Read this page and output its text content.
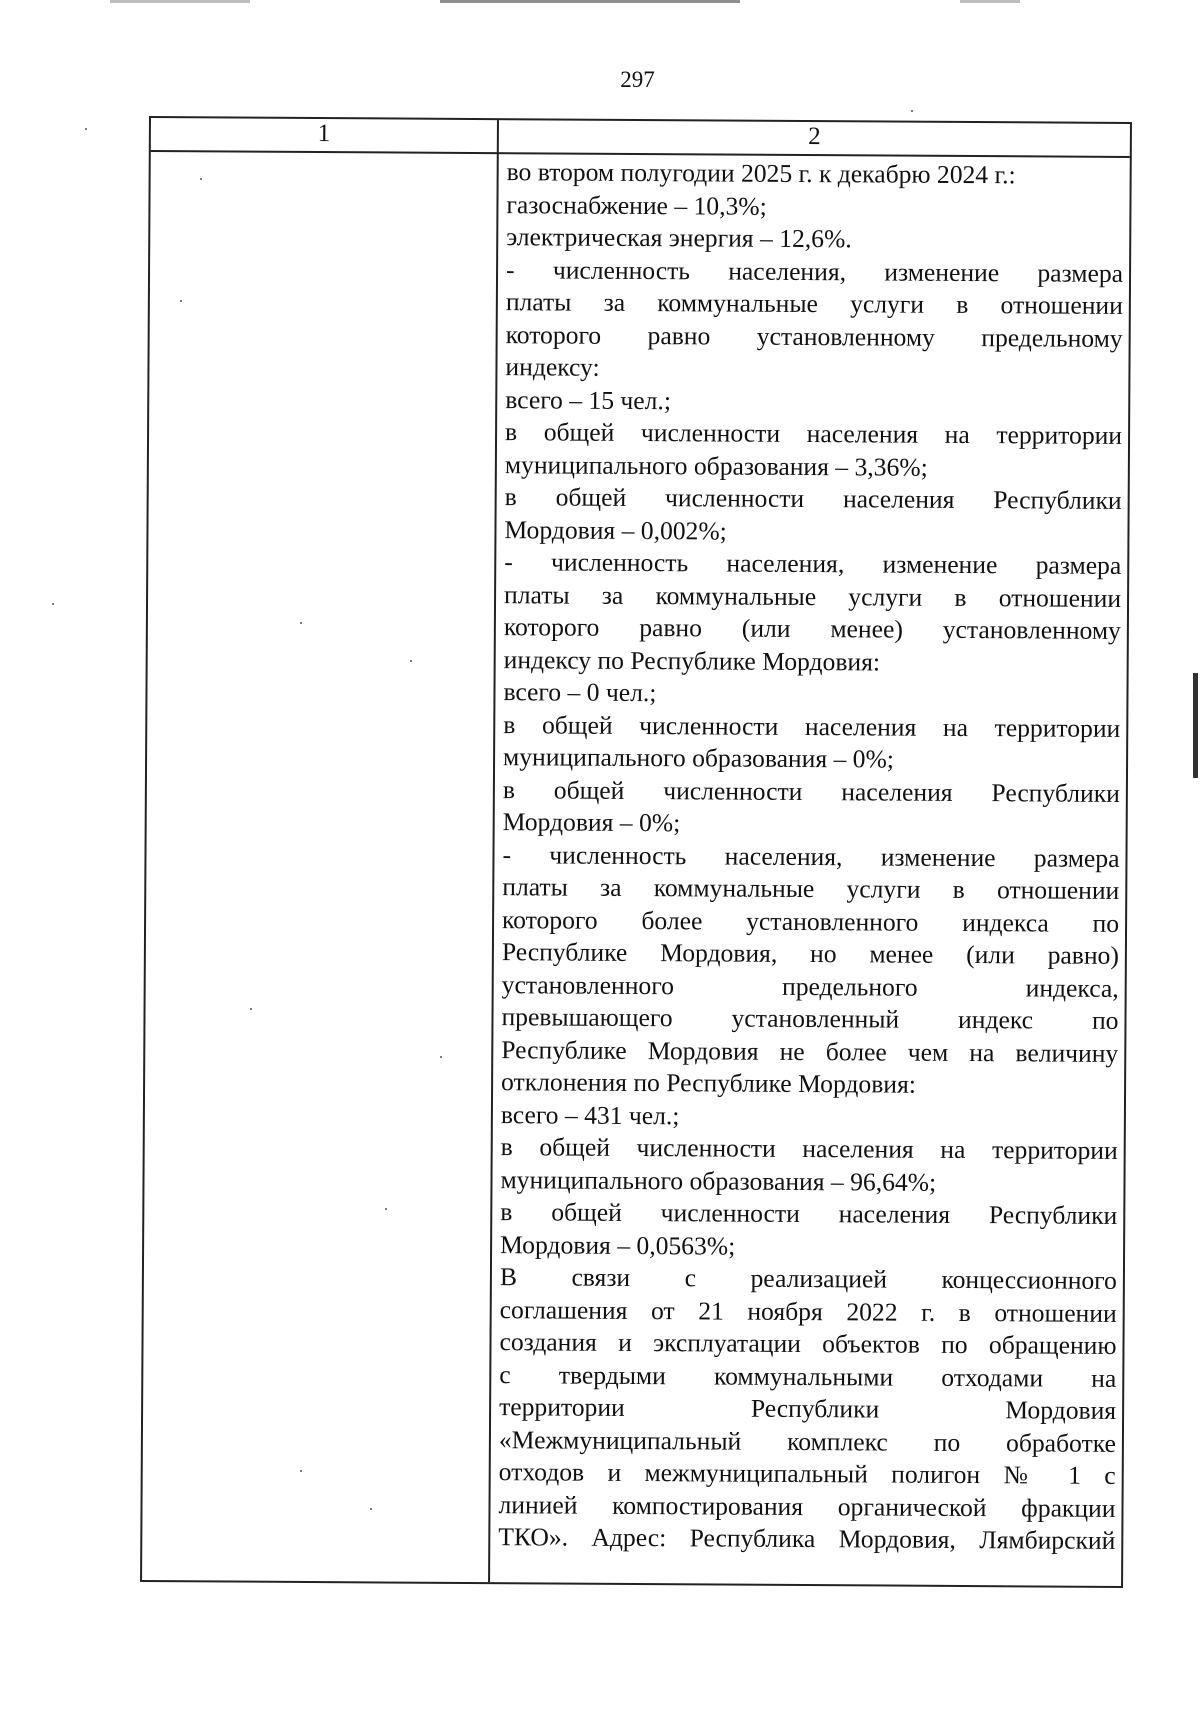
297
1	2
во втором полугодии 2025 г. к декабрю 2024 г.:
газоснабжение – 10,3%;
электрическая энергия – 12,6%.
- численность населения, изменение размера
платы за коммунальные услуги в отношении
которого равно установленному предельному
индексу:
всего – 15 чел.;
в общей численности населения на территории
муниципального образования – 3,36%;
в общей численности населения Республики
Мордовия – 0,002%;
- численность населения, изменение размера
платы за коммунальные услуги в отношении
которого равно (или менее) установленному
индексу по Республике Мордовия:
всего – 0 чел.;
в общей численности населения на территории
муниципального образования – 0%;
в общей численности населения Республики
Мордовия – 0%;
- численность населения, изменение размера
платы за коммунальные услуги в отношении
которого более установленного индекса по
Республике Мордовия, но менее (или равно)
установленного предельного индекса,
превышающего установленный индекс по
Республике Мордовия не более чем на величину
отклонения по Республике Мордовия:
всего – 431 чел.;
в общей численности населения на территории
муниципального образования – 96,64%;
в общей численности населения Республики
Мордовия – 0,0563%;
В связи с реализацией концессионного
соглашения от 21 ноября 2022 г. в отношении
создания и эксплуатации объектов по обращению
с твердыми коммунальными отходами на
территории Республики Мордовия
«Межмуниципальный комплекс по обработке
отходов и межмуниципальный полигон № 1 с
линией компостирования органической фракции
ТКО». Адрес: Республика Мордовия, Лямбирский
